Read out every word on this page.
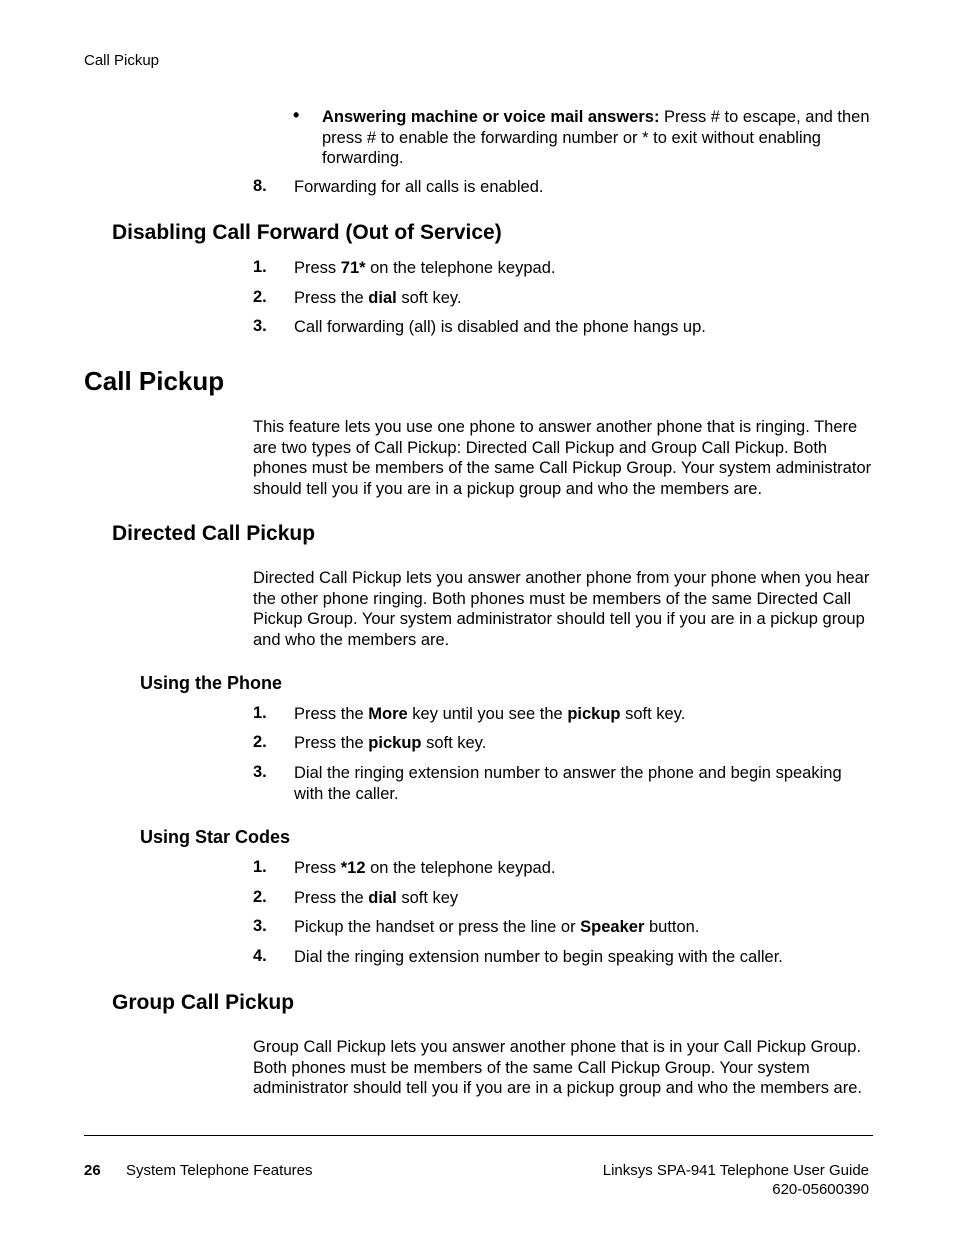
Call Pickup
• Answering machine or voice mail answers: Press # to escape, and then press # to enable the forwarding number or * to exit without enabling forwarding.
8. Forwarding for all calls is enabled.
Disabling Call Forward (Out of Service)
1. Press 71* on the telephone keypad.
2. Press the dial soft key.
3. Call forwarding (all) is disabled and the phone hangs up.
Call Pickup
This feature lets you use one phone to answer another phone that is ringing. There are two types of Call Pickup: Directed Call Pickup and Group Call Pickup. Both phones must be members of the same Call Pickup Group. Your system administrator should tell you if you are in a pickup group and who the members are.
Directed Call Pickup
Directed Call Pickup lets you answer another phone from your phone when you hear the other phone ringing. Both phones must be members of the same Directed Call Pickup Group. Your system administrator should tell you if you are in a pickup group and who the members are.
Using the Phone
1. Press the More key until you see the pickup soft key.
2. Press the pickup soft key.
3. Dial the ringing extension number to answer the phone and begin speaking with the caller.
Using Star Codes
1. Press *12 on the telephone keypad.
2. Press the dial soft key
3. Pickup the handset or press the line or Speaker button.
4. Dial the ringing extension number to begin speaking with the caller.
Group Call Pickup
Group Call Pickup lets you answer another phone that is in your Call Pickup Group. Both phones must be members of the same Call Pickup Group. Your system administrator should tell you if you are in a pickup group and who the members are.
26 System Telephone Features	Linksys SPA-941 Telephone User Guide
620-05600390
